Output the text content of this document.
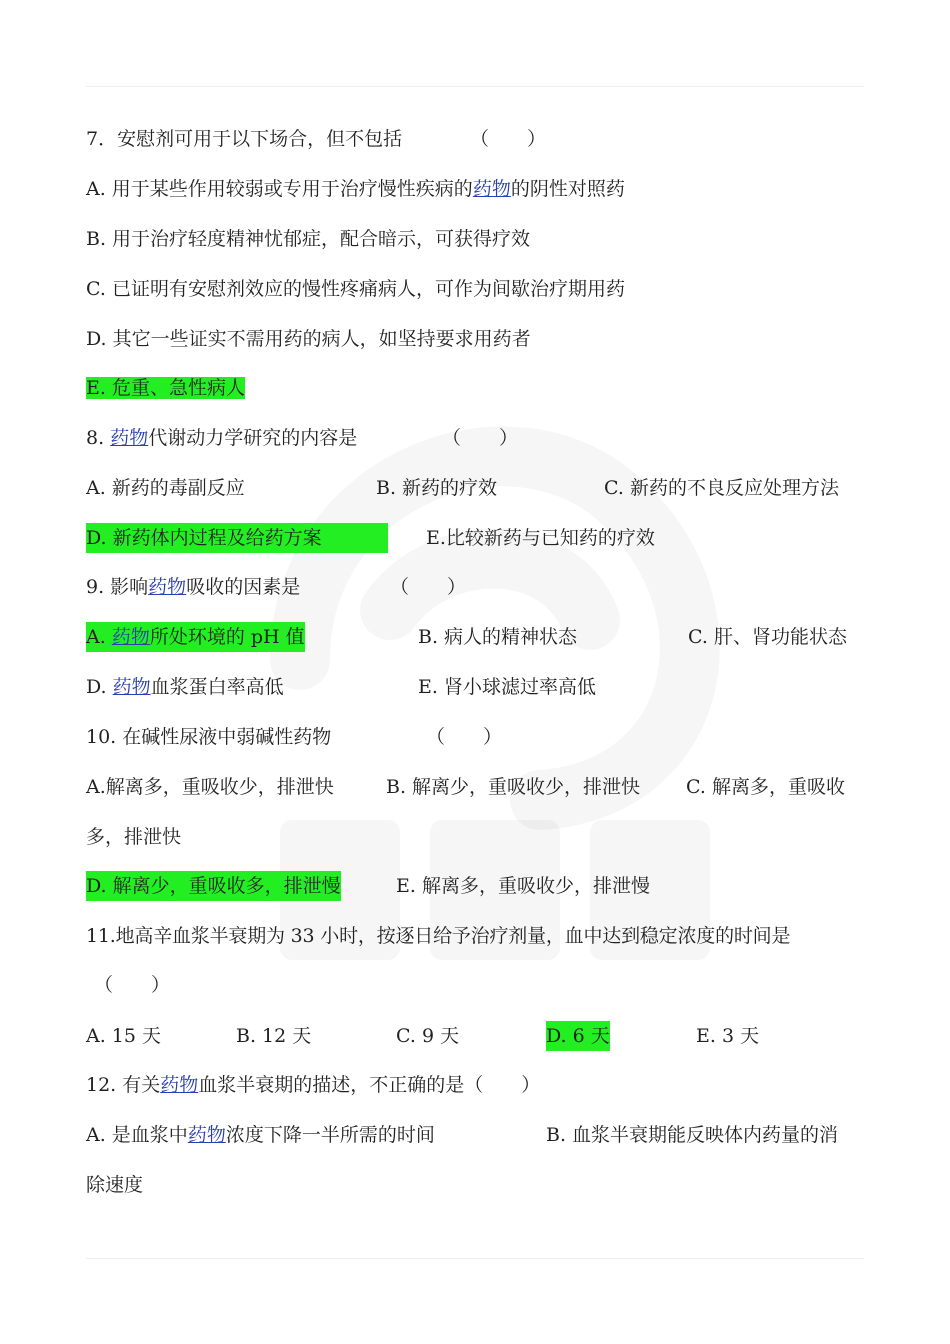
7．安慰剂可用于以下场合，但不包括	（　　）
A. 用于某些作用较弱或专用于治疗慢性疾病的药物的阴性对照药
B. 用于治疗轻度精神忧郁症，配合暗示，可获得疗效
C. 已证明有安慰剂效应的慢性疼痛病人，可作为间歇治疗期用药
D. 其它一些证实不需用药的病人，如坚持要求用药者
E. 危重、急性病人
8. 药物代谢动力学研究的内容是	（　　）
A. 新药的毒副反应	B. 新药的疗效	C. 新药的不良反应处理方法
D. 新药体内过程及给药方案	E.比较新药与已知药的疗效
9. 影响药物吸收的因素是	（　　）
A. 药物所处环境的 pH 值	B. 病人的精神状态	C. 肝、肾功能状态
D. 药物血浆蛋白率高低	E. 肾小球滤过率高低
10. 在碱性尿液中弱碱性药物	（　　）
A.解离多，重吸收少，排泄快	B. 解离少，重吸收少，排泄快 C. 解离多，重吸收
多，排泄快
D. 解离少，重吸收多，排泄慢	E. 解离多，重吸收少，排泄慢
11.地高辛血浆半衰期为 33 小时，按逐日给予治疗剂量，血中达到稳定浓度的时间是
（　　）
A. 15 天	B. 12 天	C. 9 天	D. 6 天	E. 3 天
12. 有关药物血浆半衰期的描述，不正确的是（　　）
A. 是血浆中药物浓度下降一半所需的时间	B. 血浆半衰期能反映体内药量的消
除速度
